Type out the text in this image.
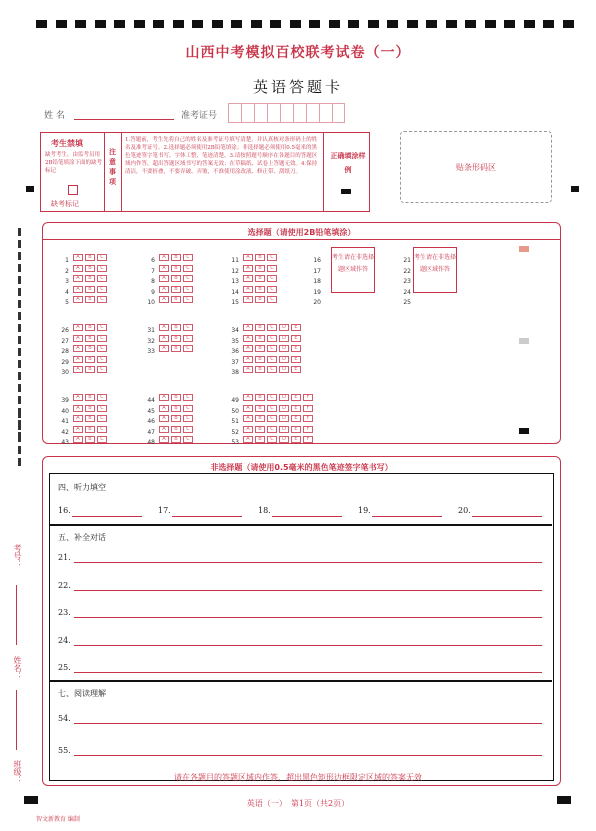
山西中考模拟百校联考试卷（一）
英语答题卡
姓 名	准考证号
考生禁填
缺考考生，由监考员用2B铅笔填涂下面的缺考标记
缺考标记
注意事项
1.答题前，考生先将自己的姓名及准考证号填写清楚，并认真核对条形码上的姓名及准考证号。2.选择题必须使用2B铅笔填涂；非选择题必须使用0.5毫米的黑色笔迹签字笔书写，字体工整、笔迹清楚。3.请按照题号顺序在各题目的答题区域内作答，超出答题区域书写的答案无效；在草稿纸、试卷上答题无效。4.保持清洁，不要折叠，不要弄破、弄皱，不准使用涂改液、修正带、刮纸刀。
正确填涂样例	贴条形码区
选择题（请使用2B铅笔填涂）
1 A B C
2 A B C
3 A B C
4 A B C
5 A B C
6 A B C
7 A B C
8 A B C
9 A B C
10 A B C
11 A B C
12 A B C
13 A B C
14 A B C
15 A B C
26 A B C
27 A B C
28 A B C
29 A B C
30 A B C
31 A B C
32 A B C
33 A B C
34 A B C D E
35 A B C D E
36 A B C D E
37 A B C D E
38 A B C D E
39 A B C
40 A B C
41 A B C
42 A B C
43 A B C
44 A B C
45 A B C
46 A B C
47 A B C
48 A B C
49 A B C D E F
50 A B C D E F
51 A B C D E F
52 A B C D E F
53 A B C D E F
16
17
18
19
20
21
22
23
24
25
考生请在非选择题区域作答
考生请在非选择题区域作答
非选择题（请使用0.5毫米的黑色笔迹签字笔书写）
四、听力填空
16.	17.	18.	19.	20.
五、补全对话
21.
22.
23.
24.
25.
七、阅读理解
54.
55.
考号：
姓名：
班级：	请在各题目的答题区域内作答，超出黑色矩形边框限定区域的答案无效
英语（一）　第1页（共2页）
智文新教育 编制
